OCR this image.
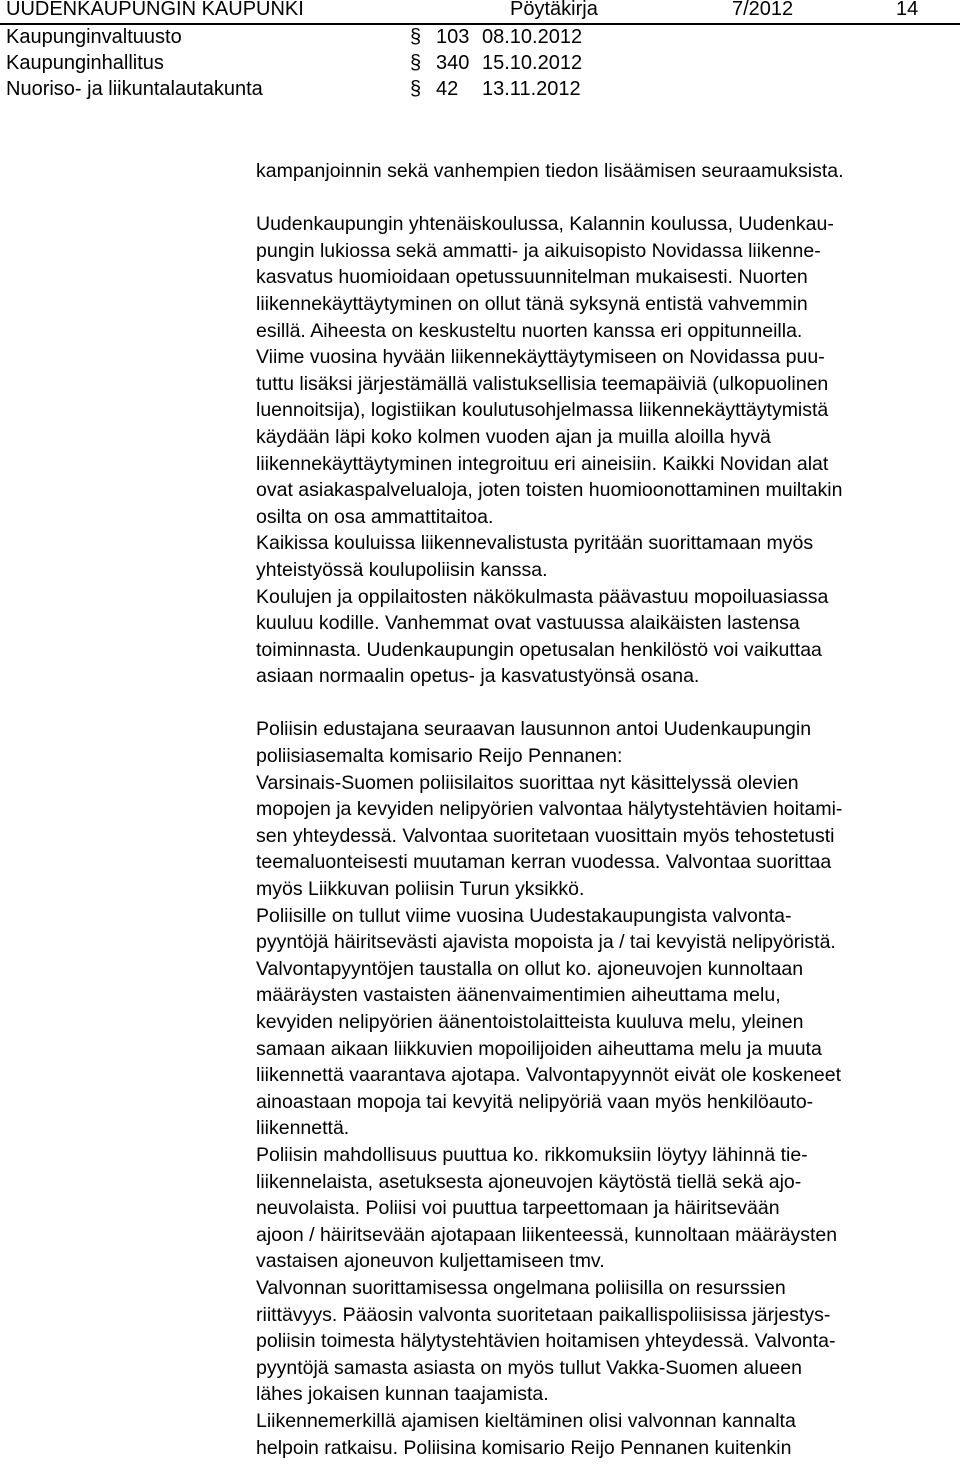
UUDENKAUPUNGIN KAUPUNKI	Pöytäkirja	7/2012	14
Kaupunginvaltuusto	§ 103 08.10.2012
Kaupunginhallitus	§ 340 15.10.2012
Nuoriso- ja liikuntalautakunta	§ 42 13.11.2012

kampanjoinnin sekä vanhempien tiedon lisäämisen seuraamuksista.

Uudenkaupungin yhtenäiskoulussa, Kalannin koulussa, Uudenkau-

pungin lukiossa sekä ammatti- ja aikuisopisto Novidassa liikenne-

kasvatus huomioidaan opetussuunnitelman mukaisesti. Nuorten

liikennekäyttäytyminen on ollut tänä syksynä entistä vahvemmin

esillä. Aiheesta on keskusteltu nuorten kanssa eri oppitunneilla.

Viime vuosina hyvään liikennekäyttäytymiseen on Novidassa puu-

tuttu lisäksi järjestämällä valistuksellisia teemapäiviä (ulkopuolinen

luennoitsija), logistiikan koulutusohjelmassa liikennekäyttäytymistä

käydään läpi koko kolmen vuoden ajan ja muilla aloilla hyvä

liikennekäyttäytyminen integroituu eri aineisiin. Kaikki Novidan alat

ovat asiakaspalvelualoja, joten toisten huomioonottaminen muiltakin

osilta on osa ammattitaitoa.

Kaikissa kouluissa liikennevalistusta pyritään suorittamaan myös

yhteistyössä koulupoliisin kanssa.

Koulujen ja oppilaitosten näkökulmasta päävastuu mopoiluasiassa

kuuluu kodille. Vanhemmat ovat vastuussa alaikäisten lastensa

toiminnasta. Uudenkaupungin opetusalan henkilöstö voi vaikuttaa

asiaan normaalin opetus- ja kasvatustyönsä osana.

Poliisin edustajana seuraavan lausunnon antoi Uudenkaupungin

poliisiasemalta komisario Reijo Pennanen:

Varsinais-Suomen poliisilaitos suorittaa nyt käsittelyssä olevien

mopojen ja kevyiden nelipyörien valvontaa hälytystehtävien hoitami-

sen yhteydessä. Valvontaa suoritetaan vuosittain myös tehostetusti

teemaluonteisesti muutaman kerran vuodessa. Valvontaa suorittaa

myös Liikkuvan poliisin Turun yksikkö.

Poliisille on tullut viime vuosina Uudestakaupungista valvonta-

pyyntöjä häiritsevästi ajavista mopoista ja / tai kevyistä nelipyöristä.

Valvontapyyntöjen taustalla on ollut ko. ajoneuvojen kunnoltaan

määräysten vastaisten äänenvaimentimien aiheuttama melu,

kevyiden nelipyörien äänentoistolaitteista kuuluva melu, yleinen

samaan aikaan liikkuvien mopoilijoiden aiheuttama melu ja muuta

liikennettä vaarantava ajotapa. Valvontapyynnöt eivät ole koskeneet

ainoastaan mopoja tai kevyitä nelipyöriä vaan myös henkilöauto-

liikennettä.

Poliisin mahdollisuus puuttua ko. rikkomuksiin löytyy lähinnä tie-

liikennelaista, asetuksesta ajoneuvojen käytöstä tiellä sekä ajo-

neuvolaista. Poliisi voi puuttua tarpeettomaan ja häiritsevään

ajoon / häiritsevään ajotapaan liikenteessä, kunnoltaan määräysten

vastaisen ajoneuvon kuljettamiseen tmv.

Valvonnan suorittamisessa ongelmana poliisilla on resurssien

riittävyys. Pääosin valvonta suoritetaan paikallispoliisissa järjestys-

poliisin toimesta hälytystehtävien hoitamisen yhteydessä. Valvonta-

pyyntöjä samasta asiasta on myös tullut Vakka-Suomen alueen

lähes jokaisen kunnan taajamista.

Liikennemerkillä ajamisen kieltäminen olisi valvonnan kannalta

helpoin ratkaisu. Poliisina komisario Reijo Pennanen kuitenkin
